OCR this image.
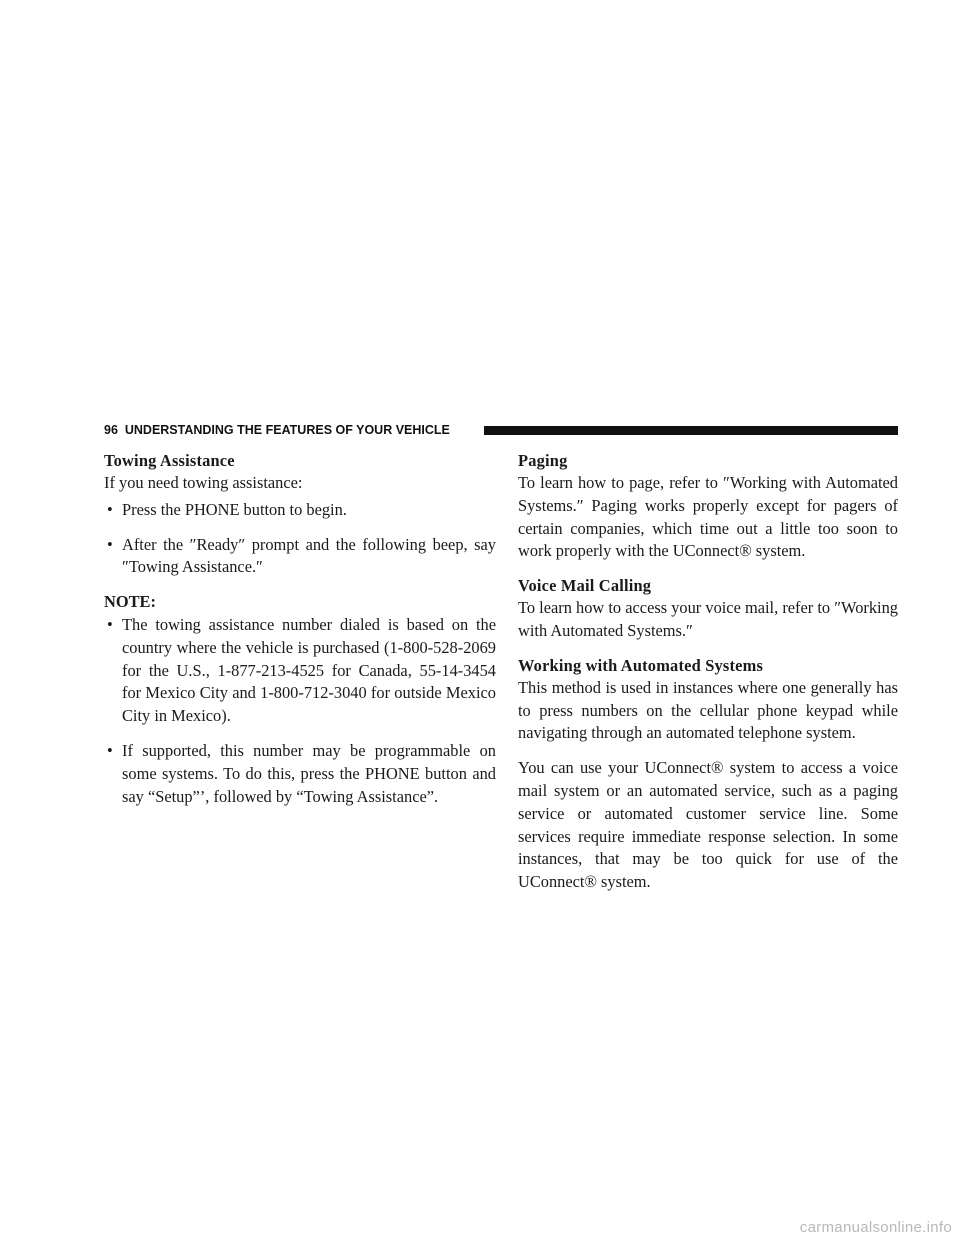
96 UNDERSTANDING THE FEATURES OF YOUR VEHICLE

Towing Assistance

If you need towing assistance:

• Press the PHONE button to begin.

• After the ″Ready″ prompt and the following beep, say ″Towing Assistance.″

NOTE:

• The towing assistance number dialed is based on the country where the vehicle is purchased (1-800-528-2069 for the U.S., 1-877-213-4525 for Canada, 55-14-3454 for Mexico City and 1-800-712-3040 for outside Mexico City in Mexico).

• If supported, this number may be programmable on some systems. To do this, press the PHONE button and say “Setup”’, followed by “Towing Assistance”.

Paging

To learn how to page, refer to ″Working with Automated Systems.″ Paging works properly except for pagers of certain companies, which time out a little too soon to work properly with the UConnect® system.

Voice Mail Calling

To learn how to access your voice mail, refer to ″Working with Automated Systems.″

Working with Automated Systems

This method is used in instances where one generally has to press numbers on the cellular phone keypad while navigating through an automated telephone system.

You can use your UConnect® system to access a voice mail system or an automated service, such as a paging service or automated customer service line. Some services require immediate response selection. In some instances, that may be too quick for use of the UConnect® system.

carmanualsonline.info
